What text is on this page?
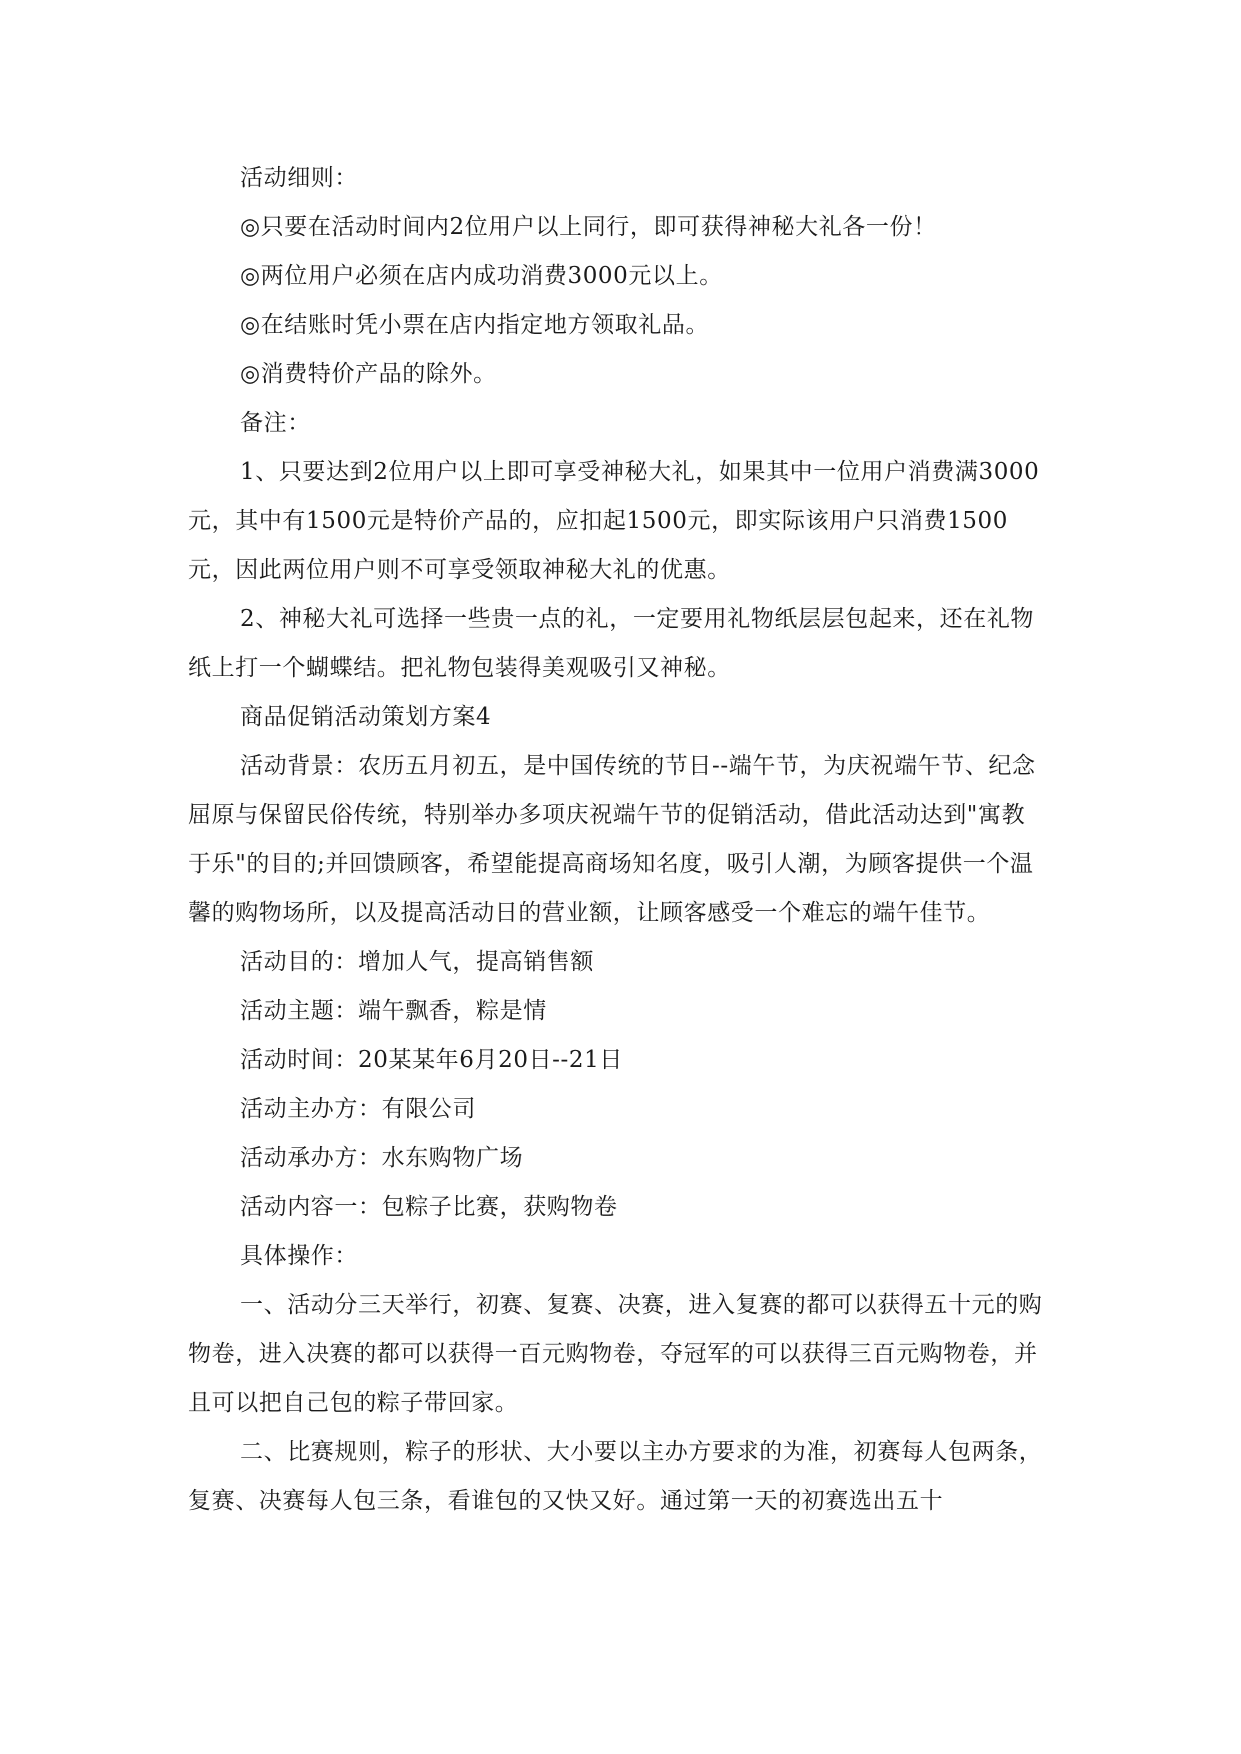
活动细则：

◎只要在活动时间内2位用户以上同行，即可获得神秘大礼各一份！

◎两位用户必须在店内成功消费3000元以上。

◎在结账时凭小票在店内指定地方领取礼品。

◎消费特价产品的除外。

备注：

1、只要达到2位用户以上即可享受神秘大礼，如果其中一位用户消费满3000元，其中有1500元是特价产品的，应扣起1500元，即实际该用户只消费1500元，因此两位用户则不可享受领取神秘大礼的优惠。

2、神秘大礼可选择一些贵一点的礼，一定要用礼物纸层层包起来，还在礼物纸上打一个蝴蝶结。把礼物包装得美观吸引又神秘。

商品促销活动策划方案4

活动背景：农历五月初五，是中国传统的节日--端午节，为庆祝端午节、纪念屈原与保留民俗传统，特别举办多项庆祝端午节的促销活动，借此活动达到"寓教于乐"的目的;并回馈顾客，希望能提高商场知名度，吸引人潮，为顾客提供一个温馨的购物场所，以及提高活动日的营业额，让顾客感受一个难忘的端午佳节。

活动目的：增加人气，提高销售额

活动主题：端午飘香，粽是情

活动时间：20某某年6月20日--21日

活动主办方：有限公司

活动承办方：水东购物广场

活动内容一：包粽子比赛，获购物卷

具体操作：

一、活动分三天举行，初赛、复赛、决赛，进入复赛的都可以获得五十元的购物卷，进入决赛的都可以获得一百元购物卷，夺冠军的可以获得三百元购物卷，并且可以把自己包的粽子带回家。

二、比赛规则，粽子的形状、大小要以主办方要求的为准，初赛每人包两条，复赛、决赛每人包三条，看谁包的又快又好。通过第一天的初赛选出五十
